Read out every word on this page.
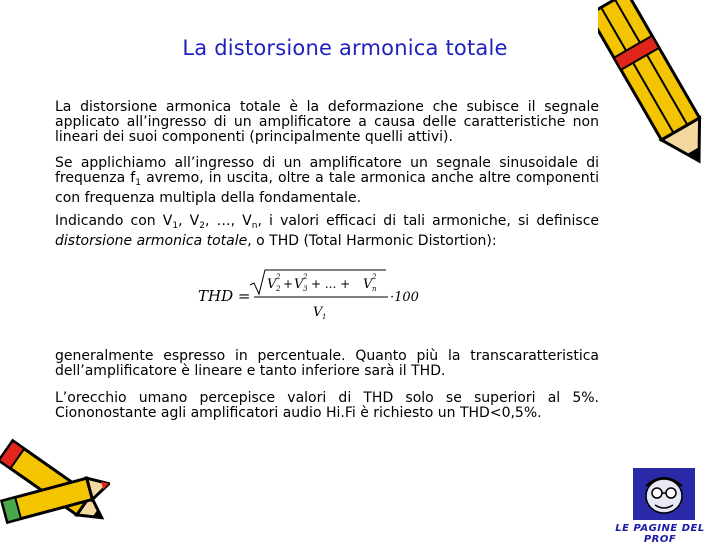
La distorsione armonica totale

La distorsione armonica totale è la deformazione che subisce il segnale applicato all’ingresso di un amplificatore a causa delle caratteristiche non lineari dei suoi componenti (principalmente quelli attivi).

Se applichiamo all’ingresso di un amplificatore un segnale sinusoidale di frequenza $f_1$ avremo, in uscita, oltre a tale armonica anche altre componenti con frequenza multipla della fondamentale.

Indicando con $V_1$, $V_2$, …, $V_n$, i valori efficaci di tali armoniche, si definisce distorsione armonica totale, o THD (Total Harmonic Distortion):

THD =
V 2
2 + V 3
2 + ... + V n
2
V 1
·100

generalmente espresso in percentuale. Quanto più la transcaratteristica dell’amplificatore è lineare e tanto inferiore sarà il THD.

L’orecchio umano percepisce valori di THD solo se superiori al 5%. Ciononostante agli amplificatori audio Hi.Fi è richiesto un THD<0,5%.

LE PAGINE DEL PROF
